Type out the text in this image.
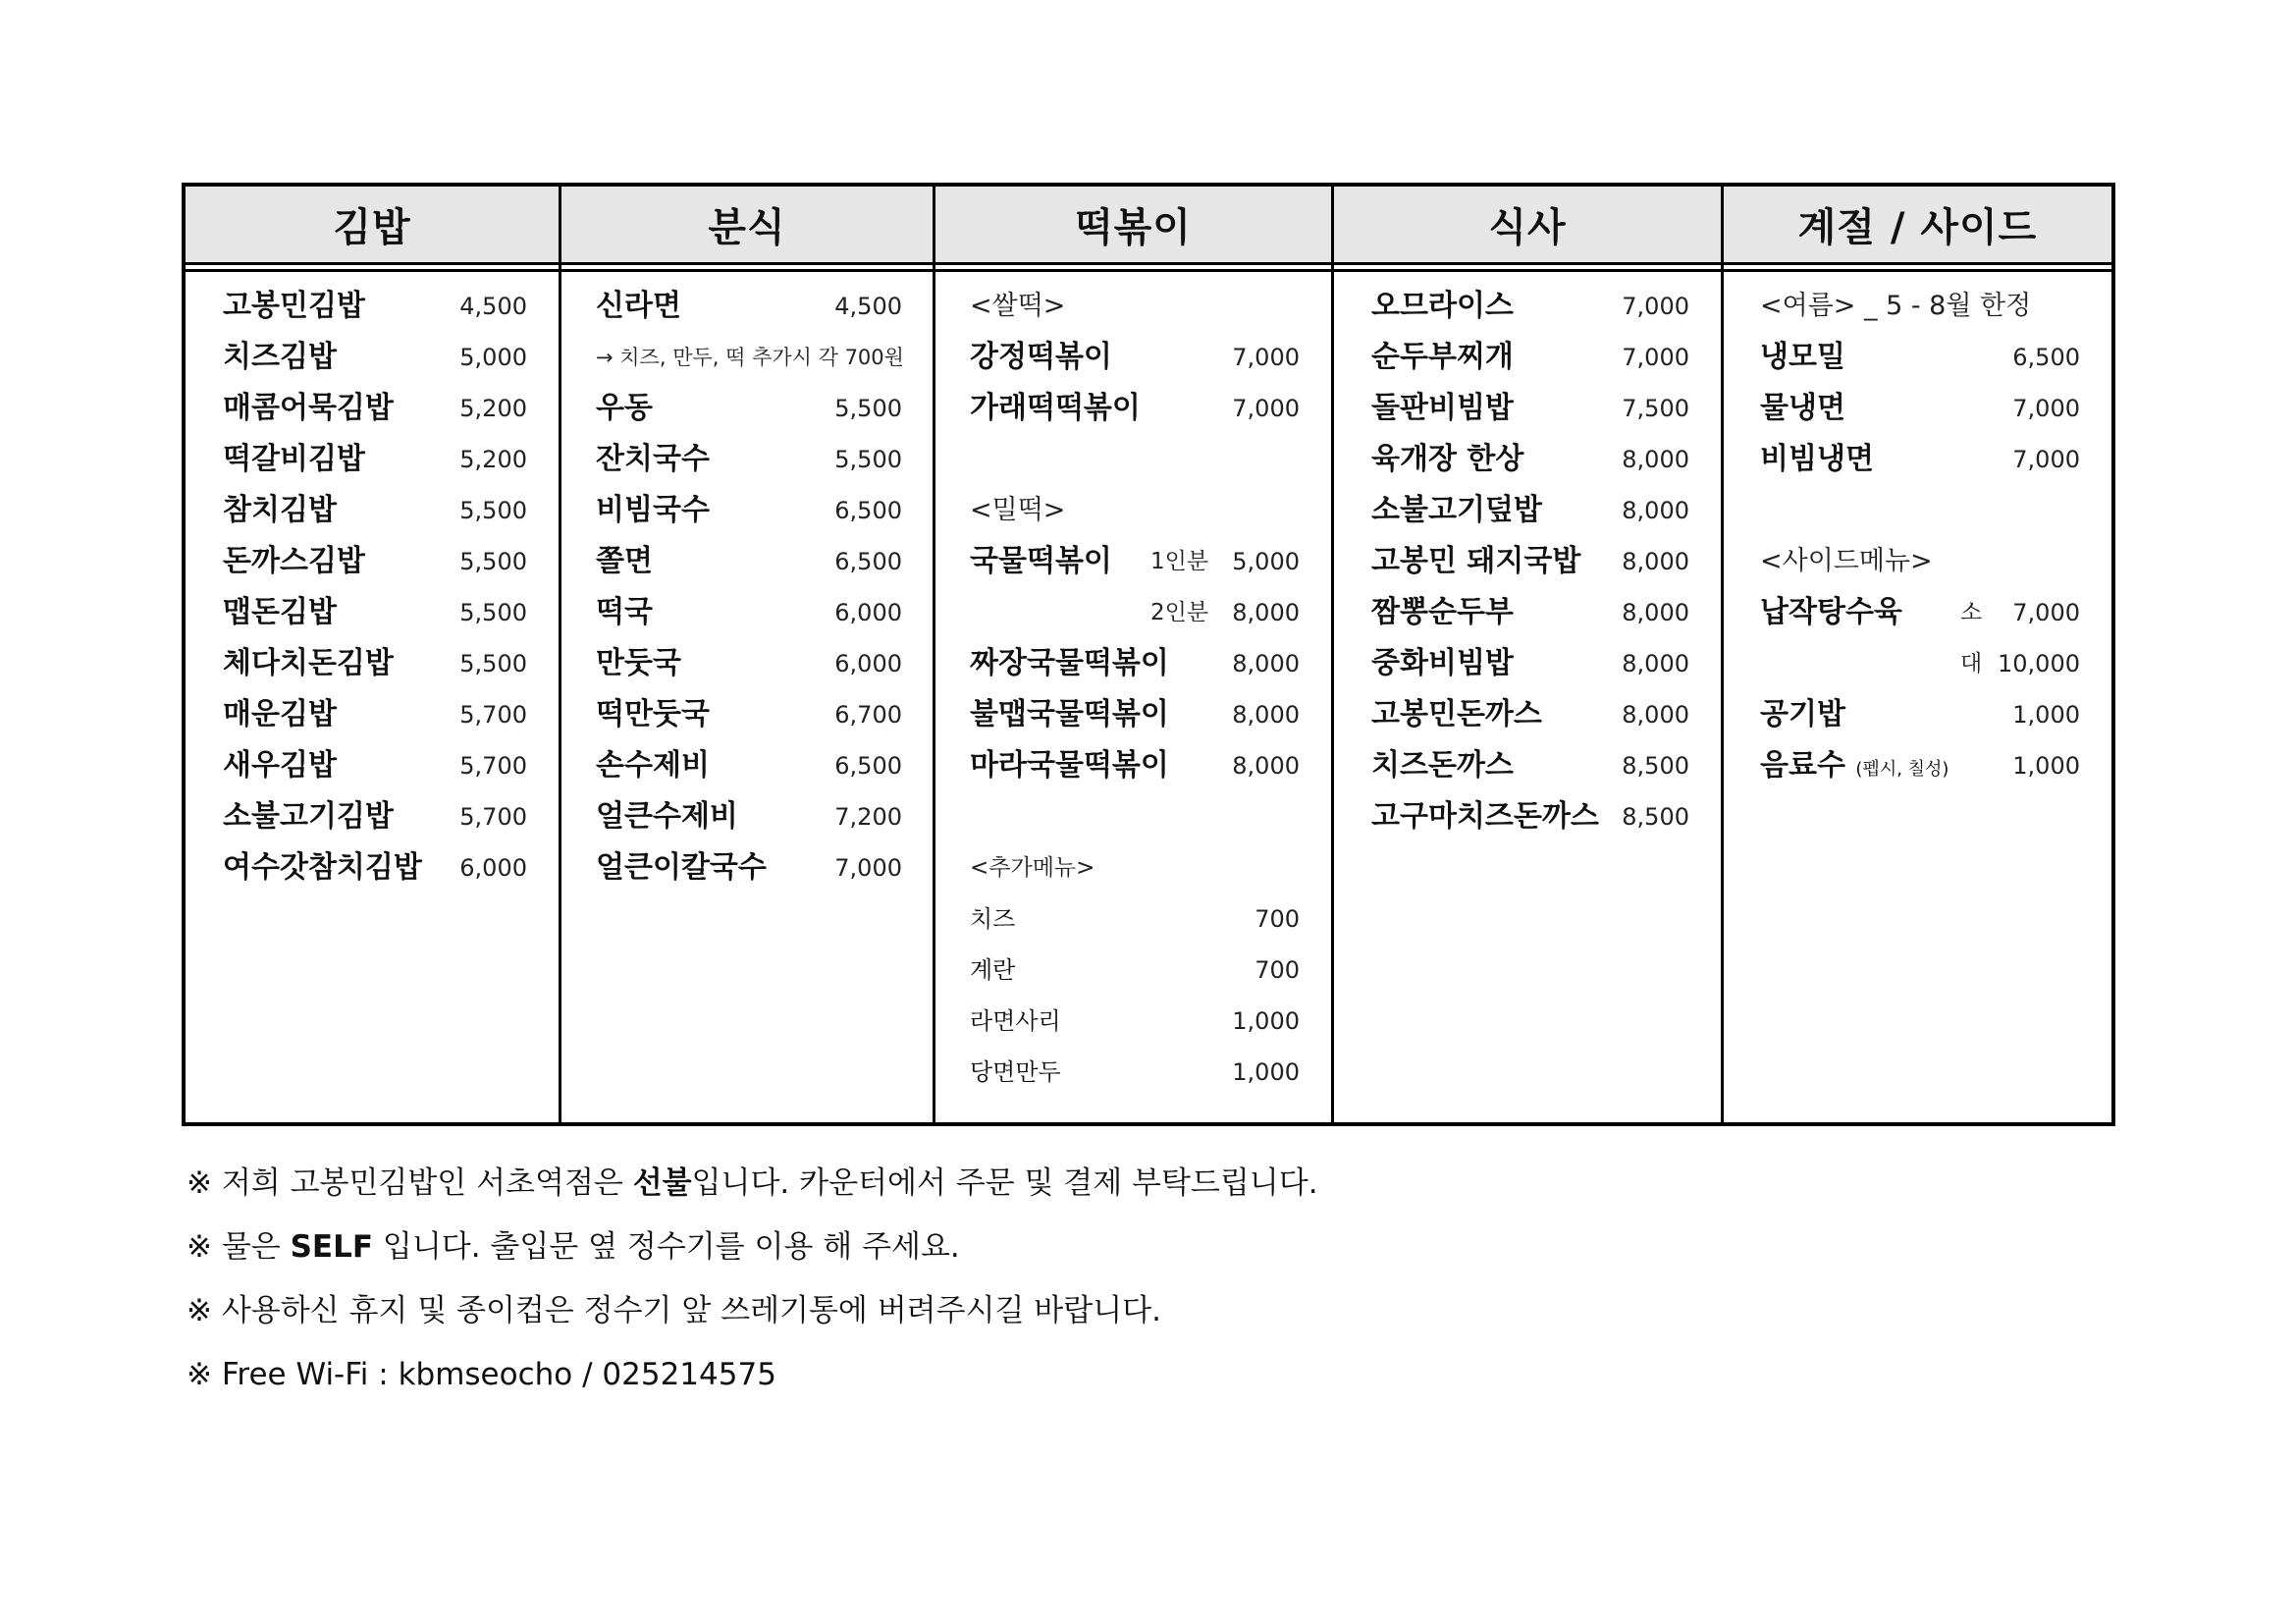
김밥	분식	떡볶이	식사	계절 / 사이드
고봉민김밥	4,500
치즈김밥	5,000
매콤어묵김밥	5,200
떡갈비김밥	5,200
참치김밥	5,500
돈까스김밥	5,500
맵돈김밥	5,500
체다치돈김밥	5,500
매운김밥	5,700
새우김밥	5,700
소불고기김밥	5,700
여수갓참치김밥 6,000
신라면	4,500
→ 치즈, 만두, 떡 추가시 각 700원
우동	5,500
잔치국수	5,500
비빔국수	6,500
쫄면	6,500
떡국	6,000
만둣국	6,000
떡만둣국	6,700
손수제비	6,500
얼큰수제비	7,200
얼큰이칼국수	7,000
<쌀떡>
강정떡볶이	7,000
가래떡떡볶이	7,000
<밀떡>
국물떡볶이 1인분 5,000
2인분 8,000
짜장국물떡볶이	8,000
불맵국물떡볶이	8,000
마라국물떡볶이	8,000
<추가메뉴>
치즈	700
계란	700
라면사리	1,000
당면만두	1,000
오므라이스	7,000
순두부찌개	7,000
돌판비빔밥	7,500
육개장 한상	8,000
소불고기덮밥	8,000
고봉민 돼지국밥 8,000
짬뽕순두부	8,000
중화비빔밥	8,000
고봉민돈까스	8,000
치즈돈까스	8,500
고구마치즈돈까스 8,500
<여름> _ 5 - 8월 한정
냉모밀	6,500
물냉면	7,000
비빔냉면	7,000
<사이드메뉴>
납작탕수육	소 7,000
대 10,000
공기밥	1,000
음료수 (펩시, 칠성)	1,000
※ 저희 고봉민김밥인 서초역점은 선불입니다. 카운터에서 주문 및 결제 부탁드립니다.
※ 물은 SELF 입니다. 출입문 옆 정수기를 이용 해 주세요.
※ 사용하신 휴지 및 종이컵은 정수기 앞 쓰레기통에 버려주시길 바랍니다.
※ Free Wi-Fi : kbmseocho / 025214575
